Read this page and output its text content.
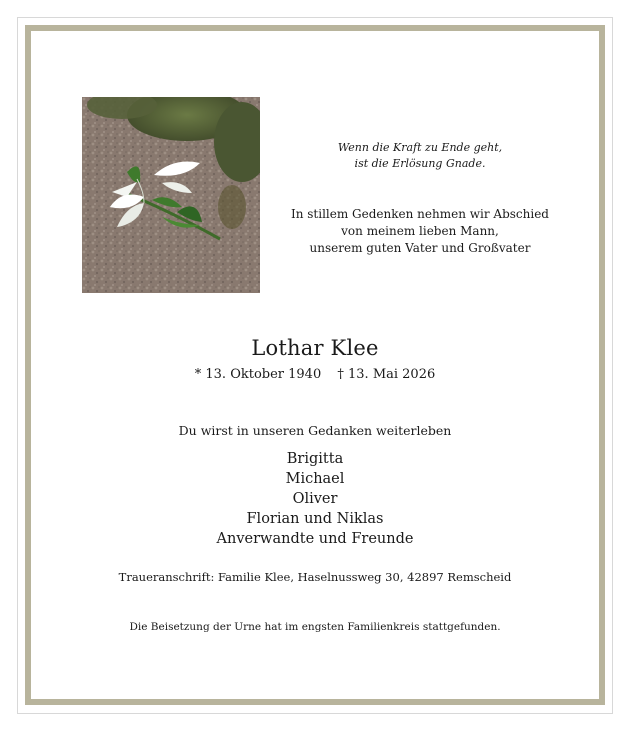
Wenn die Kraft zu Ende geht,
ist die Erlösung Gnade.
In stillem Gedenken nehmen wir Abschied
von meinem lieben Mann,
unserem guten Vater und Großvater
Lothar Klee
* 13. Oktober 1940 † 13. Mai 2026
Du wirst in unseren Gedanken weiterleben
Brigitta
Michael
Oliver
Florian und Niklas
Anverwandte und Freunde
Traueranschrift: Familie Klee, Haselnussweg 30, 42897 Remscheid
Die Beisetzung der Urne hat im engsten Familienkreis stattgefunden.
